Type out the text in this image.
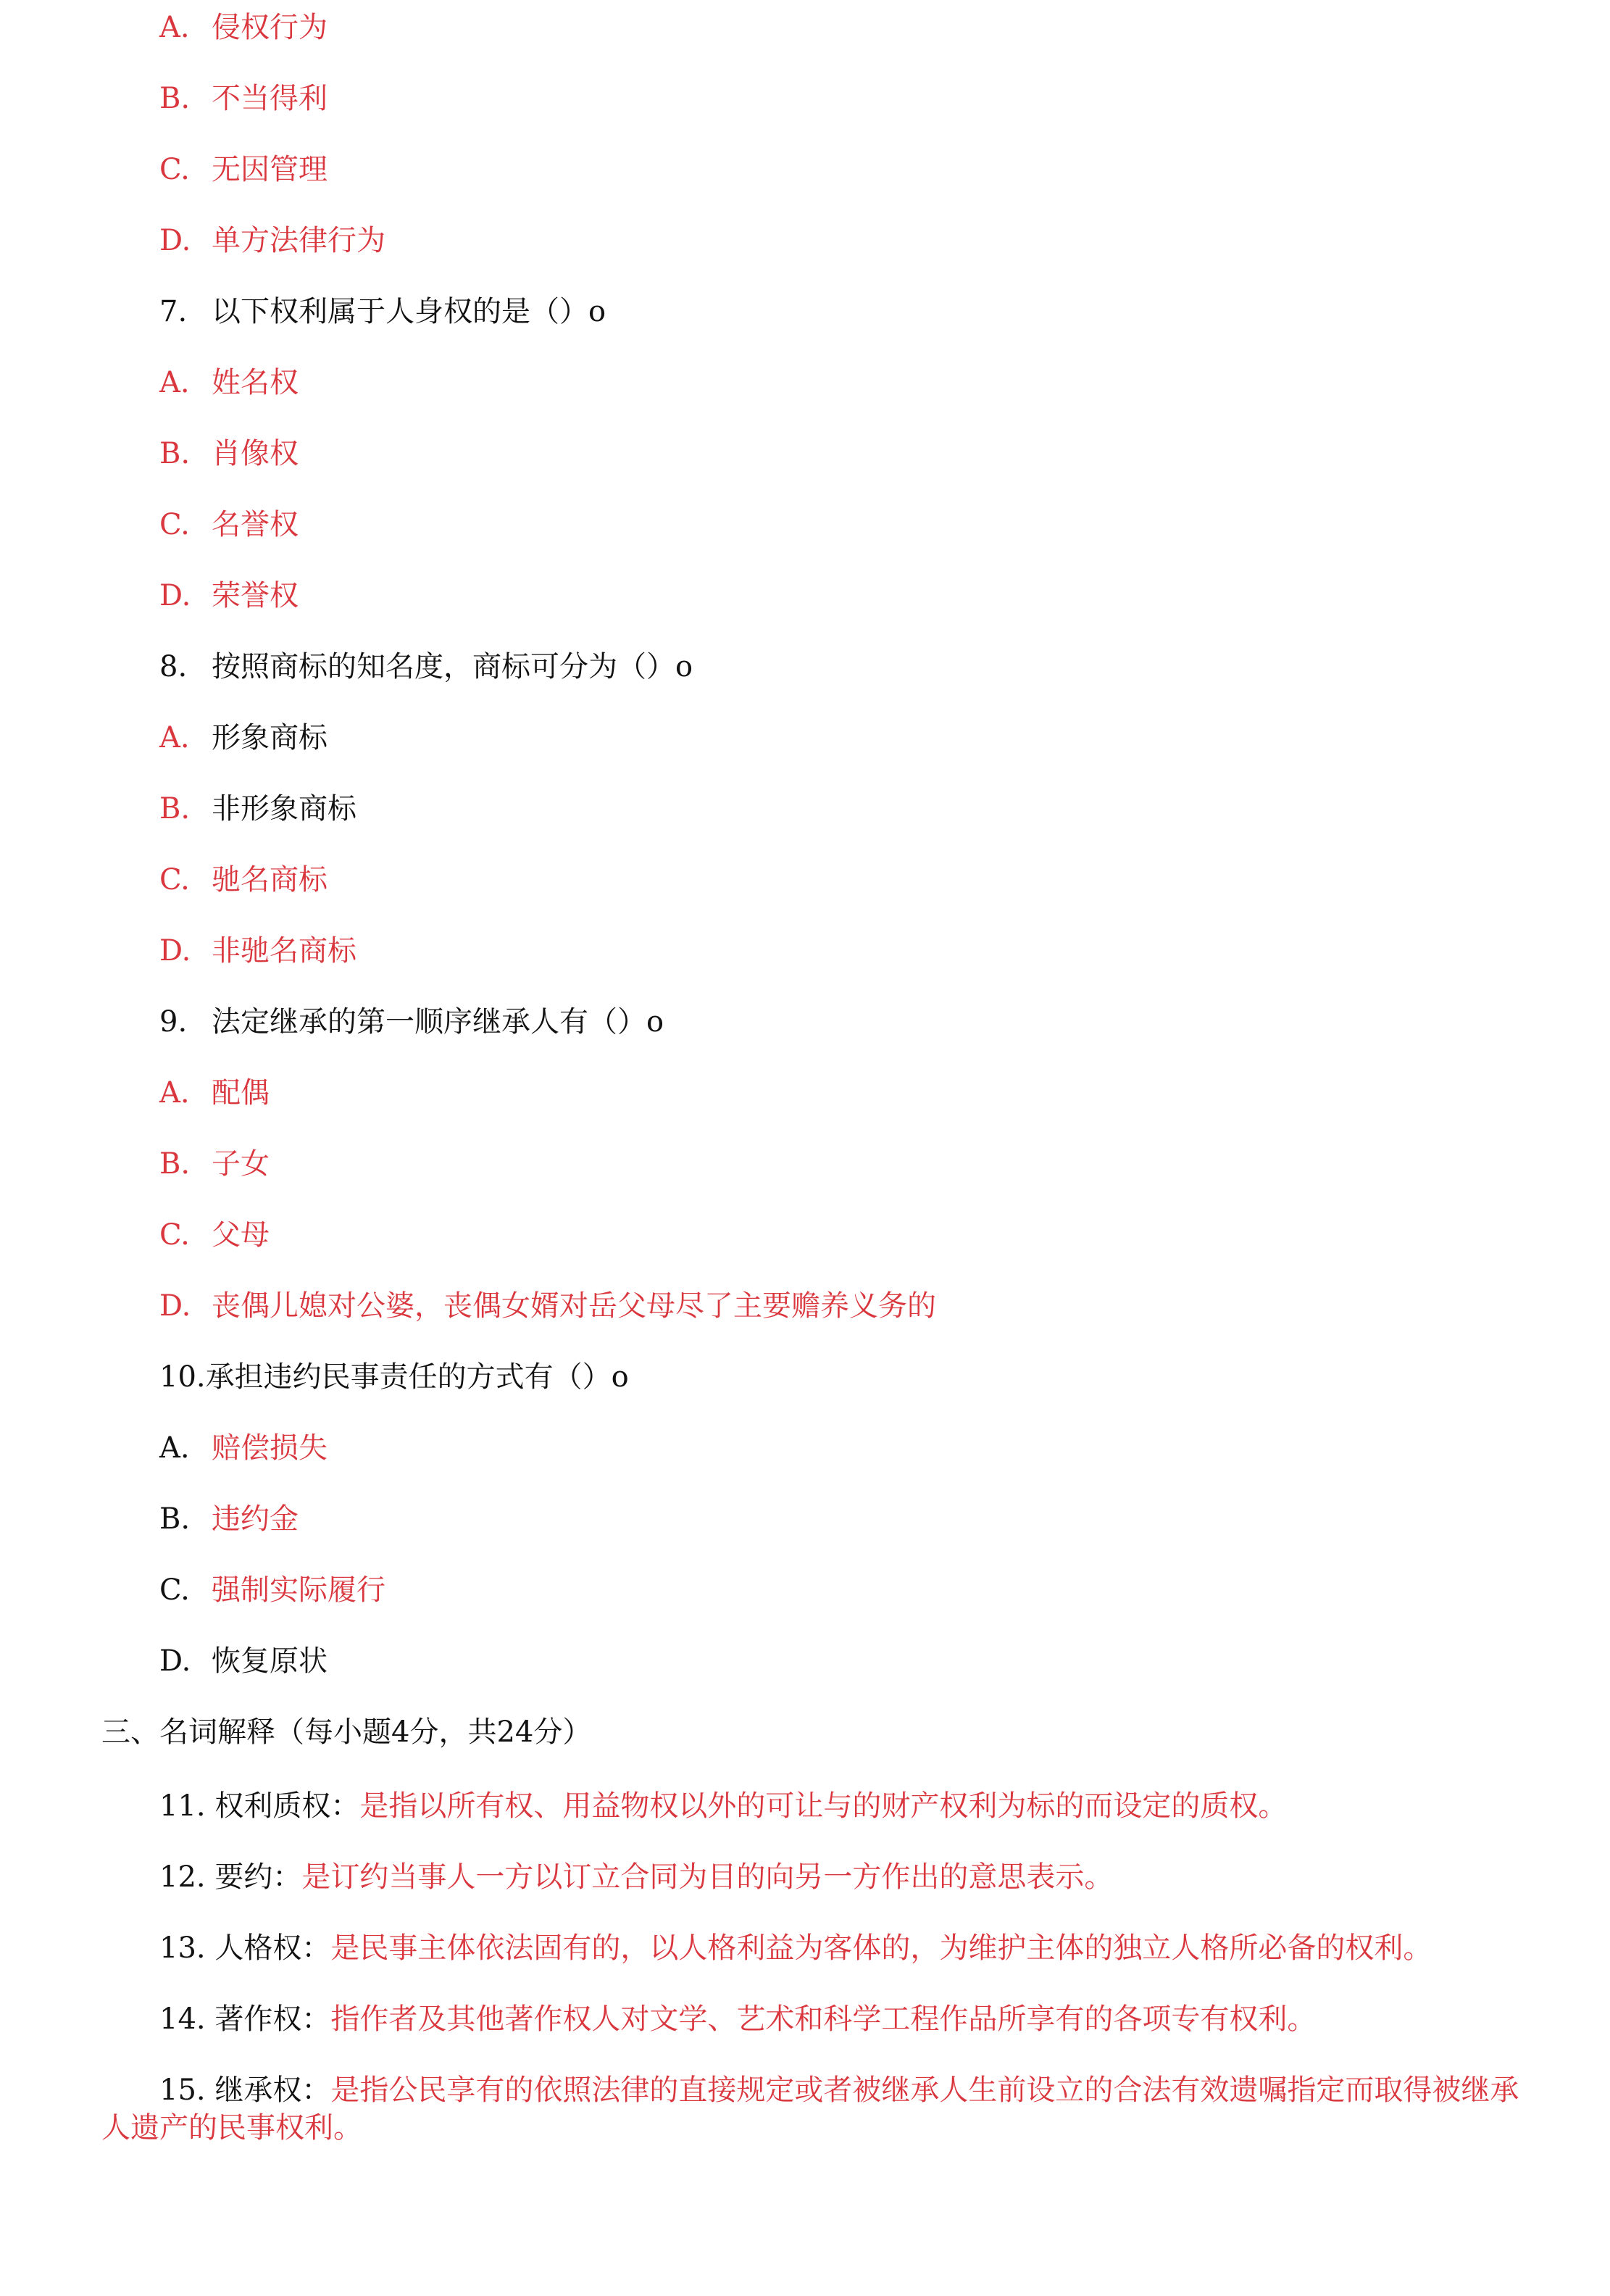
A. 侵权行为
B. 不当得利
C. 无因管理
D. 单方法律行为
7. 以下权利属于人身权的是（）o
A. 姓名权
B. 肖像权
C. 名誉权
D. 荣誉权
8. 按照商标的知名度，商标可分为（）o
A. 形象商标
B. 非形象商标
C. 驰名商标
D. 非驰名商标
9. 法定继承的第一顺序继承人有（）o
A. 配偶
B. 子女
C. 父母
D. 丧偶儿媳对公婆，丧偶女婿对岳父母尽了主要赡养义务的
10.承担违约民事责任的方式有（）o
A. 赔偿损失
B. 违约金
C. 强制实际履行
D. 恢复原状
三、名词解释（每小题4分，共24分）
11. 权利质权：是指以所有权、用益物权以外的可让与的财产权利为标的而设定的质权。
12. 要约：是订约当事人一方以订立合同为目的向另一方作出的意思表示。
13. 人格权：是民事主体依法固有的，以人格利益为客体的，为维护主体的独立人格所必备的权利。
14. 著作权：指作者及其他著作权人对文学、艺术和科学工程作品所享有的各项专有权利。
15. 继承权：是指公民享有的依照法律的直接规定或者被继承人生前设立的合法有效遗嘱指定而取得被继承人遗产的民事权利。
